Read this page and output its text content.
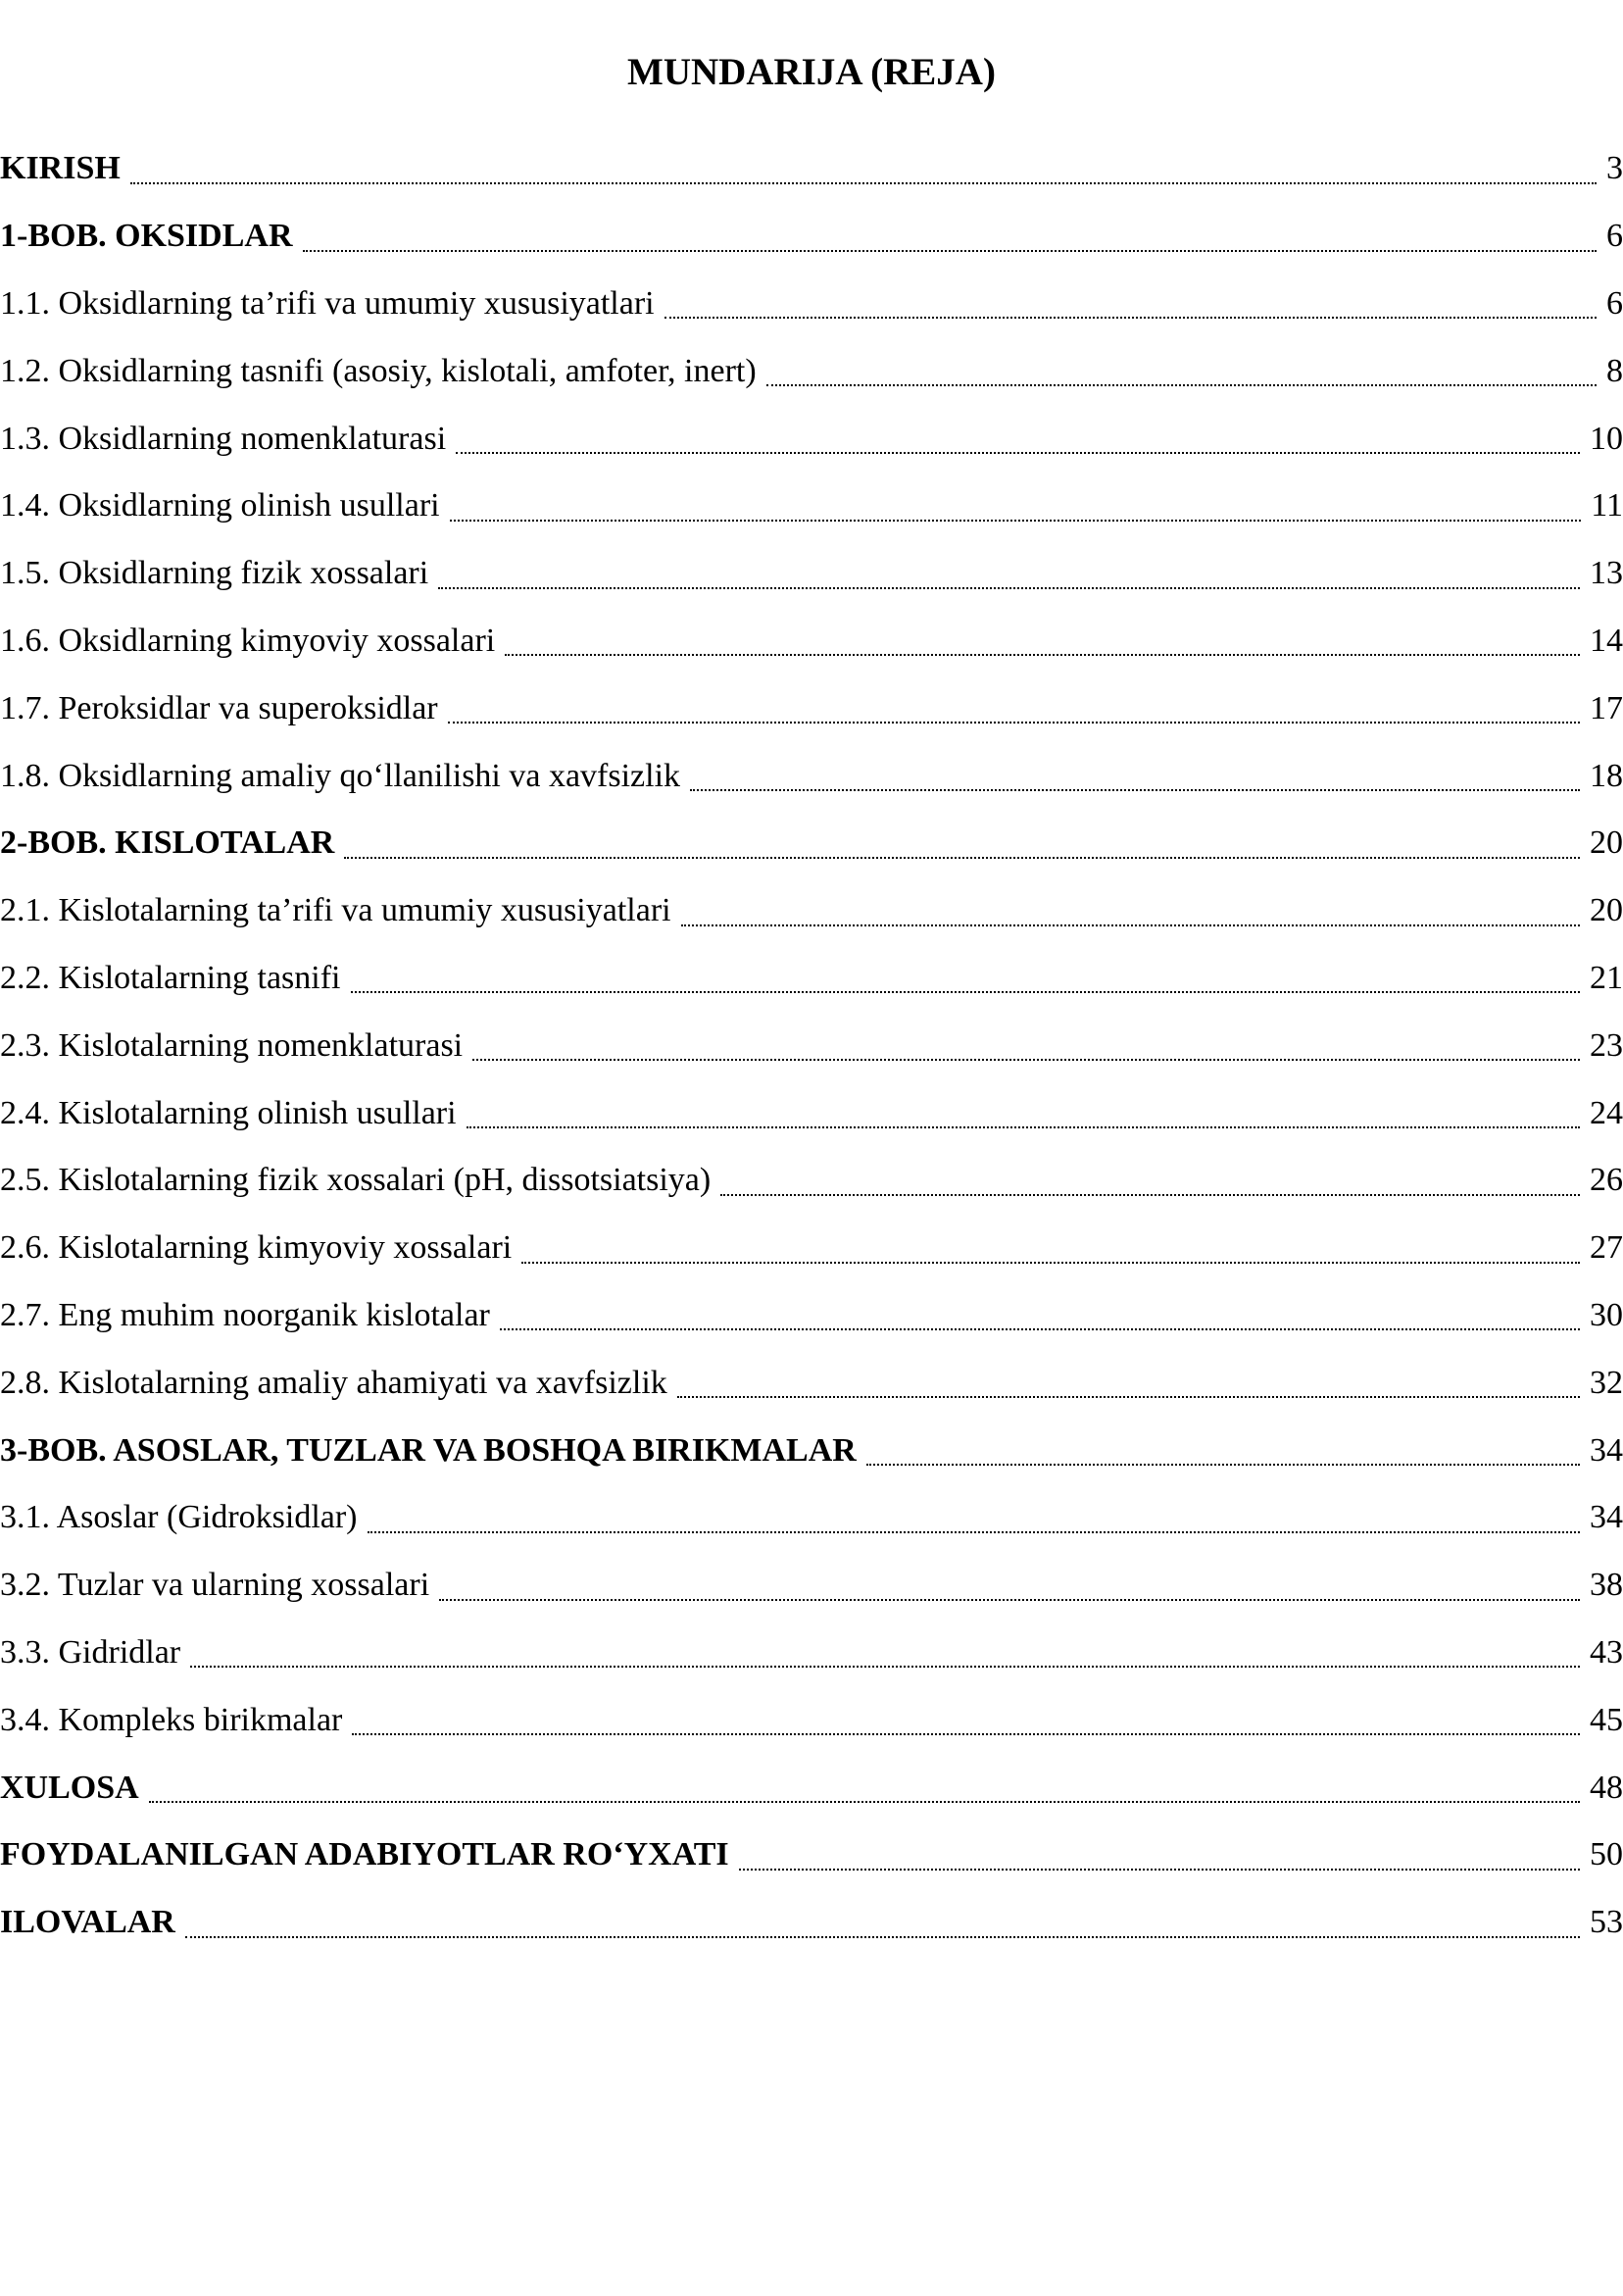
MUNDARIJA (REJA)
KIRISH	3
1-BOB. OKSIDLAR	6
1.1. Oksidlarning ta’rifi va umumiy xususiyatlari	6
1.2. Oksidlarning tasnifi (asosiy, kislotali, amfoter, inert)	8
1.3. Oksidlarning nomenklaturasi	10
1.4. Oksidlarning olinish usullari	11
1.5. Oksidlarning fizik xossalari	13
1.6. Oksidlarning kimyoviy xossalari	14
1.7. Peroksidlar va superoksidlar	17
1.8. Oksidlarning amaliy qo‘llanilishi va xavfsizlik	18
2-BOB. KISLOTALAR	20
2.1. Kislotalarning ta’rifi va umumiy xususiyatlari	20
2.2. Kislotalarning tasnifi	21
2.3. Kislotalarning nomenklaturasi	23
2.4. Kislotalarning olinish usullari	24
2.5. Kislotalarning fizik xossalari (pH, dissotsiatsiya)	26
2.6. Kislotalarning kimyoviy xossalari	27
2.7. Eng muhim noorganik kislotalar	30
2.8. Kislotalarning amaliy ahamiyati va xavfsizlik	32
3-BOB. ASOSLAR, TUZLAR VA BOSHQA BIRIKMALAR	34
3.1. Asoslar (Gidroksidlar)	34
3.2. Tuzlar va ularning xossalari	38
3.3. Gidridlar	43
3.4. Kompleks birikmalar	45
XULOSA	48
FOYDALANILGAN ADABIYOTLAR RO‘YXATI	50
ILOVALAR	53
